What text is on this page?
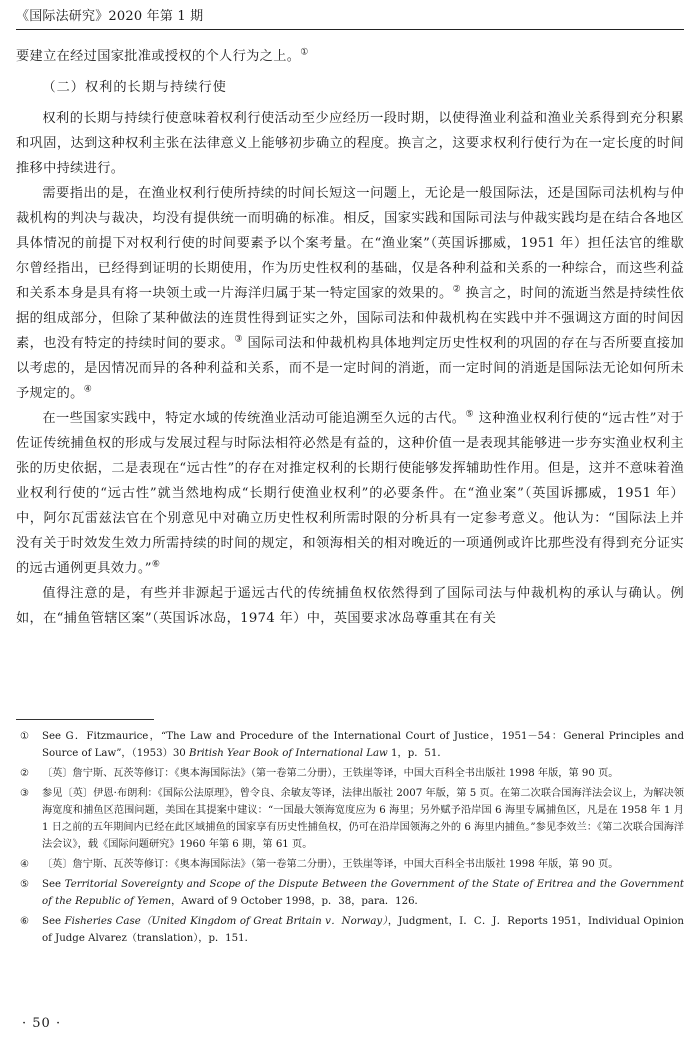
《国际法研究》2020 年第 1 期

要建立在经过国家批准或授权的个人行为之上。①

（二）权利的长期与持续行使

权利的长期与持续行使意味着权利行使活动至少应经历一段时期，以使得渔业利益和渔业关系得到充分积累和巩固，达到这种权利主张在法律意义上能够初步确立的程度。换言之，这要求权利行使行为在一定长度的时间推移中持续进行。

需要指出的是，在渔业权利行使所持续的时间长短这一问题上，无论是一般国际法，还是国际司法机构与仲裁机构的判决与裁决，均没有提供统一而明确的标准。相反，国家实践和国际司法与仲裁实践均是在结合各地区具体情况的前提下对权利行使的时间要素予以个案考量。在“渔业案”（英国诉挪威，1951 年）担任法官的维歇尔曾经指出，已经得到证明的长期使用，作为历史性权利的基础，仅是各种利益和关系的一种综合，而这些利益和关系本身是具有将一块领土或一片海洋归属于某一特定国家的效果的。② 换言之，时间的流逝当然是持续性依据的组成部分，但除了某种做法的连贯性得到证实之外，国际司法和仲裁机构在实践中并不强调这方面的时间因素，也没有特定的持续时间的要求。③ 国际司法和仲裁机构具体地判定历史性权利的巩固的存在与否所要直接加以考虑的，是因情况而异的各种利益和关系，而不是一定时间的消逝，而一定时间的消逝是国际法无论如何所未予规定的。④

在一些国家实践中，特定水域的传统渔业活动可能追溯至久远的古代。⑤ 这种渔业权利行使的“远古性”对于佐证传统捕鱼权的形成与发展过程与时际法相符必然是有益的，这种价值一是表现其能够进一步夯实渔业权利主张的历史依据，二是表现在“远古性”的存在对推定权利的长期行使能够发挥辅助性作用。但是，这并不意味着渔业权利行使的“远古性”就当然地构成“长期行使渔业权利”的必要条件。在“渔业案”（英国诉挪威，1951 年）中，阿尔瓦雷兹法官在个别意见中对确立历史性权利所需时限的分析具有一定参考意义。他认为：“国际法上并没有关于时效发生效力所需持续的时间的规定，和领海相关的相对晚近的一项通例或许比那些没有得到充分证实的远古通例更具效力。”⑥

值得注意的是，有些并非源起于遥远古代的传统捕鱼权依然得到了国际司法与仲裁机构的承认与确认。例如，在“捕鱼管辖区案”（英国诉冰岛，1974 年）中，英国要求冰岛尊重其在有关

①	See G．Fitzmaurice，“The Law and Procedure of the International Court of Justice，1951－54：General Principles and Source of Law”，（1953）30 British Year Book of International Law 1，p．51．
②	〔英〕詹宁斯、瓦茨等修订：《奥本海国际法》（第一卷第二分册），王铁崖等译，中国大百科全书出版社 1998 年版，第 90 页。
③	参见〔英〕伊恩·布朗利：《国际公法原理》，曾令良、余敏友等译，法律出版社 2007 年版，第 5 页。在第二次联合国海洋法会议上，为解决领海宽度和捕鱼区范围问题，美国在其提案中建议：“一国最大领海宽度应为 6 海里；另外赋予沿岸国 6 海里专属捕鱼区，凡是在 1958 年 1 月 1 日之前的五年期间内已经在此区域捕鱼的国家享有历史性捕鱼权，仍可在沿岸国领海之外的 6 海里内捕鱼。”参见李效兰：《第二次联合国海洋法会议》，载《国际问题研究》1960 年第 6 期，第 61 页。
④	〔英〕詹宁斯、瓦茨等修订：《奥本海国际法》（第一卷第二分册），王铁崖等译，中国大百科全书出版社 1998 年版，第 90 页。
⑤	See Territorial Sovereignty and Scope of the Dispute Between the Government of the State of Eritrea and the Government of the Republic of Yemen，Award of 9 October 1998，p．38，para．126．
⑥	See Fisheries Case（United Kingdom of Great Britain v．Norway），Judgment，I．C．J．Reports 1951，Individual Opinion of Judge Alvarez（translation），p．151．
· 50 ·
